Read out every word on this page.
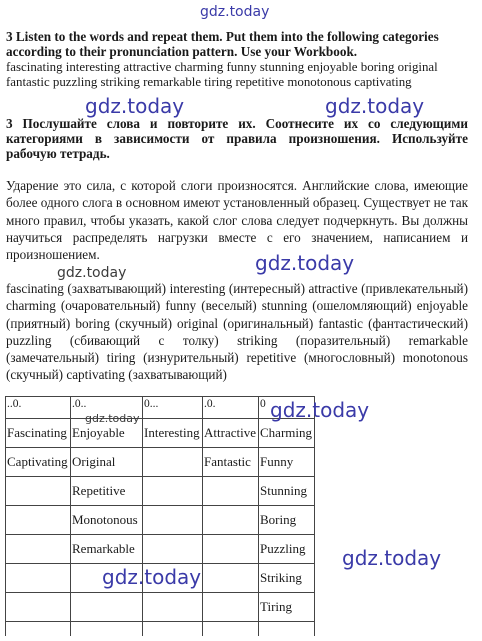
gdz.today
3 Listen to the words and repeat them. Put them into the following categories according to their pronunciation pattern. Use your Workbook.
fascinating interesting attractive charming funny stunning enjoyable boring original fantastic puzzling striking remarkable tiring repetitive monotonous captivating
gdz.today	gdz.today
3 Послушайте слова и повторите их. Соотнесите их со следующими категориями в зависимости от правила произношения. Используйте рабочую тетрадь.
Ударение это сила, с которой слоги произносятся. Английские слова, имеющие более одного слога в основном имеют установленный образец. Существует не так много правил, чтобы указать, какой слог слова следует подчеркнуть. Вы должны научиться распределять нагрузки вместе с его значением, написанием и произношением.	gdz.today
gdz.today
fascinating (захватывающий) interesting (интересный) attractive (привлекательный) charming (очаровательный) funny (веселый) stunning (ошеломляющий) enjoyable (приятный) boring (скучный) original (оригинальный) fantastic (фантастический) puzzling (сбивающий с толку) striking (поразительный) remarkable (замечательный) tiring (изнурительный) repetitive (многословный) monotonous (скучный) captivating (захватывающий)
..0.	.0..	0...	.0.	0
Fascinating	Enjoyable	Interesting	Attractive	Charming
Captivating	Original		Fantastic	Funny
	Repetitive			Stunning
	Monotonous			Boring
	Remarkable			Puzzling
				Striking
				Tiring

gdz.today	gdz.today
gdz.today
gdz.today
